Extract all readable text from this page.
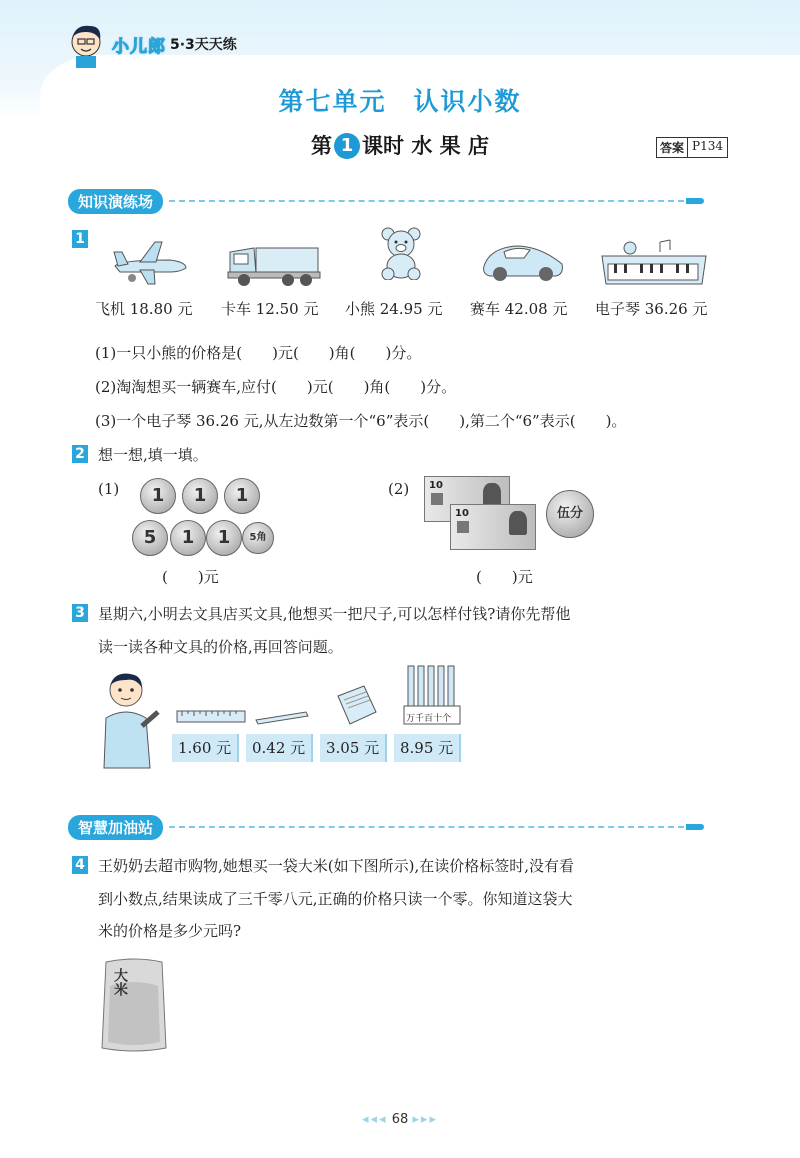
小儿郎 5·3天天练
第七单元　认识小数
第 1 课时 水 果 店	答案 P134
知识演练场
1
飞机 18.80 元 卡车 12.50 元 小熊 24.95 元 赛车 42.08 元 电子琴 36.26 元
(1)一只小熊的价格是(　　)元(　　)角(　　)分。
(2)淘淘想买一辆赛车,应付(　　)元(　　)角(　　)分。
(3)一个电子琴 36.26 元,从左边数第一个“6”表示(　　),第二个“6”表示(　　)。
2 想一想,填一填。
(1)	(2)
1	1	1
5	1	1	5角
(　　)元
10
10	伍分
(　　)元
3 星期六,小明去文具店买文具,他想买一把尺子,可以怎样付钱?请你先帮他
读一读各种文具的价格,再回答问题。
万千百十个
1.60 元	0.42 元	3.05 元	8.95 元
智慧加油站
4 王奶奶去超市购物,她想买一袋大米(如下图所示),在读价格标签时,没有看
到小数点,结果读成了三千零八元,正确的价格只读一个零。你知道这袋大
米的价格是多少元吗?
大米
◂◂◂ 68 ▸▸▸
